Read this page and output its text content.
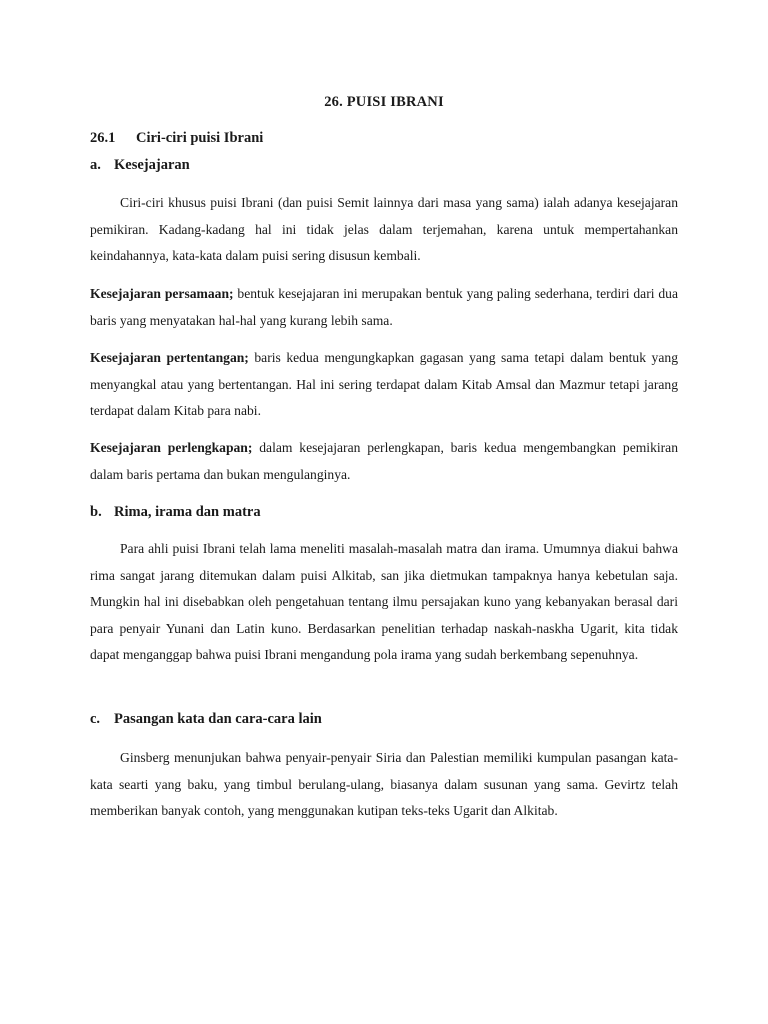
26. PUISI IBRANI
26.1 Ciri-ciri puisi Ibrani
a. Kesejajaran

Ciri-ciri khusus puisi Ibrani (dan puisi Semit lainnya dari masa yang sama) ialah adanya kesejajaran pemikiran. Kadang-kadang hal ini tidak jelas dalam terjemahan, karena untuk mempertahankan keindahannya, kata-kata dalam puisi sering disusun kembali.

Kesejajaran persamaan; bentuk kesejajaran ini merupakan bentuk yang paling sederhana, terdiri dari dua baris yang menyatakan hal-hal yang kurang lebih sama.

Kesejajaran pertentangan; baris kedua mengungkapkan gagasan yang sama tetapi dalam bentuk yang menyangkal atau yang bertentangan. Hal ini sering terdapat dalam Kitab Amsal dan Mazmur tetapi jarang terdapat dalam Kitab para nabi.

Kesejajaran perlengkapan; dalam kesejajaran perlengkapan, baris kedua mengembangkan pemikiran dalam baris pertama dan bukan mengulanginya.

b. Rima, irama dan matra

Para ahli puisi Ibrani telah lama meneliti masalah-masalah matra dan irama. Umumnya diakui bahwa rima sangat jarang ditemukan dalam puisi Alkitab, san jika dietmukan tampaknya hanya kebetulan saja. Mungkin hal ini disebabkan oleh pengetahuan tentang ilmu persajakan kuno yang kebanyakan berasal dari para penyair Yunani dan Latin kuno. Berdasarkan penelitian terhadap naskah-naskha Ugarit, kita tidak dapat menganggap bahwa puisi Ibrani mengandung pola irama yang sudah berkembang sepenuhnya.

c. Pasangan kata dan cara-cara lain

Ginsberg menunjukan bahwa penyair-penyair Siria dan Palestian memiliki kumpulan pasangan kata-kata searti yang baku, yang timbul berulang-ulang, biasanya dalam susunan yang sama. Gevirtz telah memberikan banyak contoh, yang menggunakan kutipan teks-teks Ugarit dan Alkitab.
